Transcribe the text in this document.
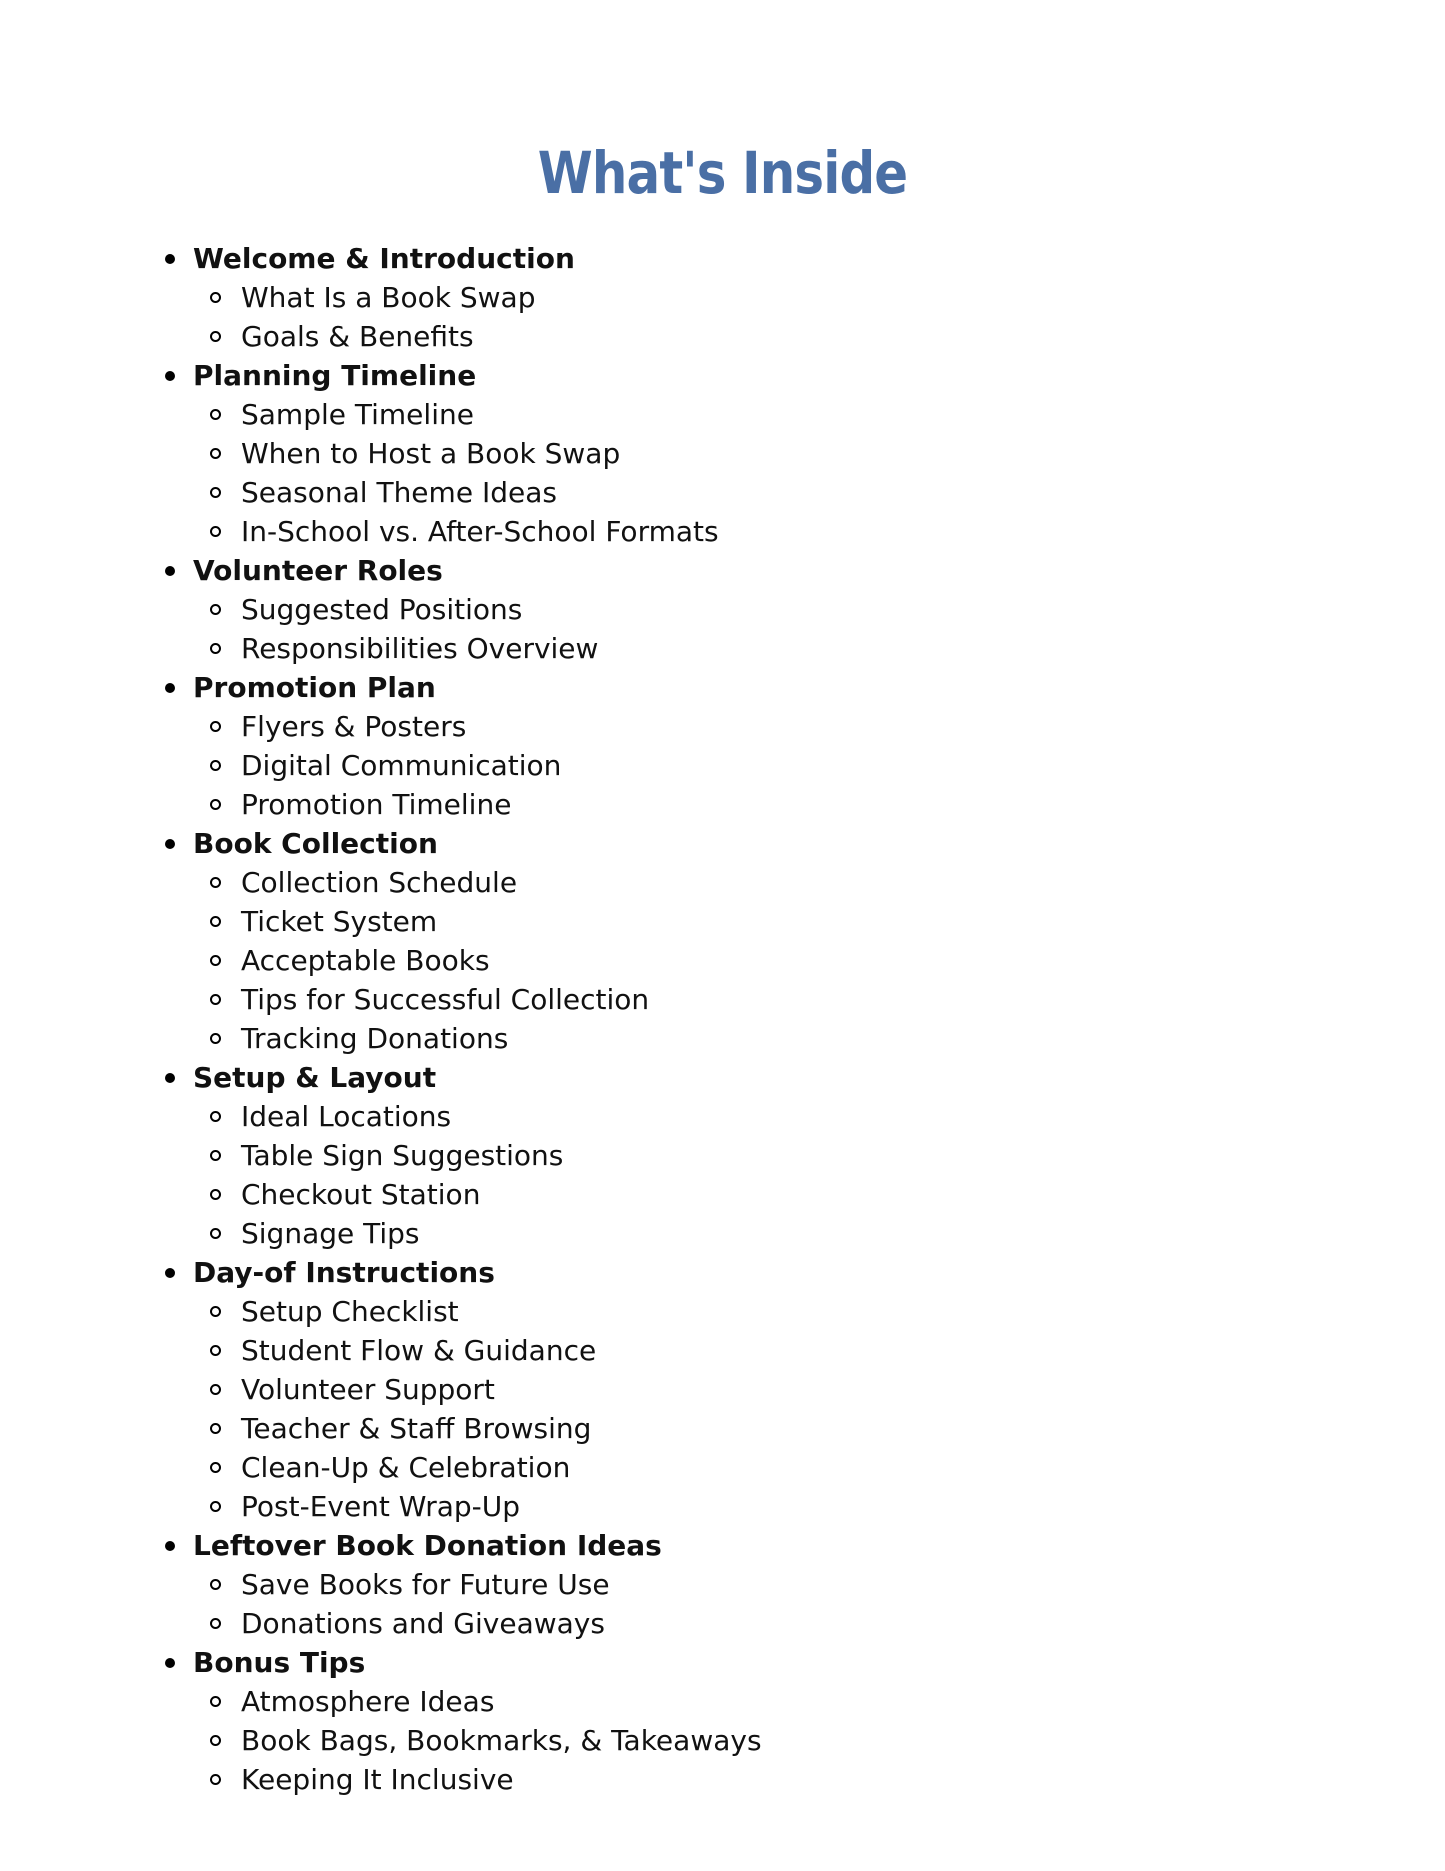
What's Inside
Welcome & Introduction
What Is a Book Swap
Goals & Benefits
Planning Timeline
Sample Timeline
When to Host a Book Swap
Seasonal Theme Ideas
In-School vs. After-School Formats
Volunteer Roles
Suggested Positions
Responsibilities Overview
Promotion Plan
Flyers & Posters
Digital Communication
Promotion Timeline
Book Collection
Collection Schedule
Ticket System
Acceptable Books
Tips for Successful Collection
Tracking Donations
Setup & Layout
Ideal Locations
Table Sign Suggestions
Checkout Station
Signage Tips
Day-of Instructions
Setup Checklist
Student Flow & Guidance
Volunteer Support
Teacher & Staff Browsing
Clean-Up & Celebration
Post-Event Wrap-Up
Leftover Book Donation Ideas
Save Books for Future Use
Donations and Giveaways
Bonus Tips
Atmosphere Ideas
Book Bags, Bookmarks, & Takeaways
Keeping It Inclusive
